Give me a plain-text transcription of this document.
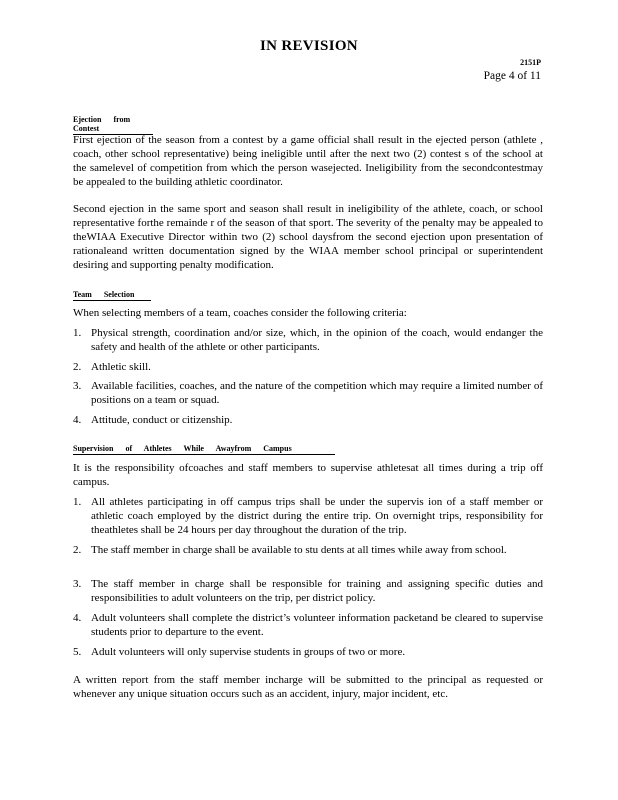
IN REVISION
2151P
Page 4 of 11
Ejection from Contest

First ejection of the season from a contest by a game official shall result in the ejected person (athlete , coach, other school representative) being ineligible until after the next two (2) contest s of the school at the samelevel of competition from which the person wasejected. Ineligibility from the secondcontestmay be appealed to the building athletic coordinator.

Second ejection in the same sport and season shall result in ineligibility of the athlete, coach, or school representative forthe remainde r of the season of that sport. The severity of the penalty may be appealed to theWIAA Executive Director within two (2) school daysfrom the second ejection upon presentation of rationaleand written documentation signed by the WIAA member school principal or superintendent desiring and supporting penalty modification.

Team Selection

When selecting members of a team, coaches consider the following criteria:

1. Physical strength, coordination and/or size, which, in the opinion of the coach, would endanger the safety and health of the athlete or other participants.
2. Athletic skill.
3. Available facilities, coaches, and the nature of the competition which may require a limited number of positions on a team or squad.
4. Attitude, conduct or citizenship.
Supervision of Athletes While Awayfrom Campus

It is the responsibility ofcoaches and staff members to supervise athletesat all times during a trip off campus.

1. All athletes participating in off campus trips shall be under the supervis ion of a staff member or athletic coach employed by the district during the entire trip. On overnight trips, responsibility for theathletes shall be 24 hours per day throughout the duration of the trip.
2. The staff member in charge shall be available to stu dents at all times while away from school.
3. The staff member in charge shall be responsible for training and assigning specific duties and responsibilities to adult volunteers on the trip, per district policy.
4. Adult volunteers shall complete the district’s volunteer information packetand be cleared to supervise students prior to departure to the event.
5. Adult volunteers will only supervise students in groups of two or more.

A written report from the staff member incharge will be submitted to the principal as requested or whenever any unique situation occurs such as an accident, injury, major incident, etc.
